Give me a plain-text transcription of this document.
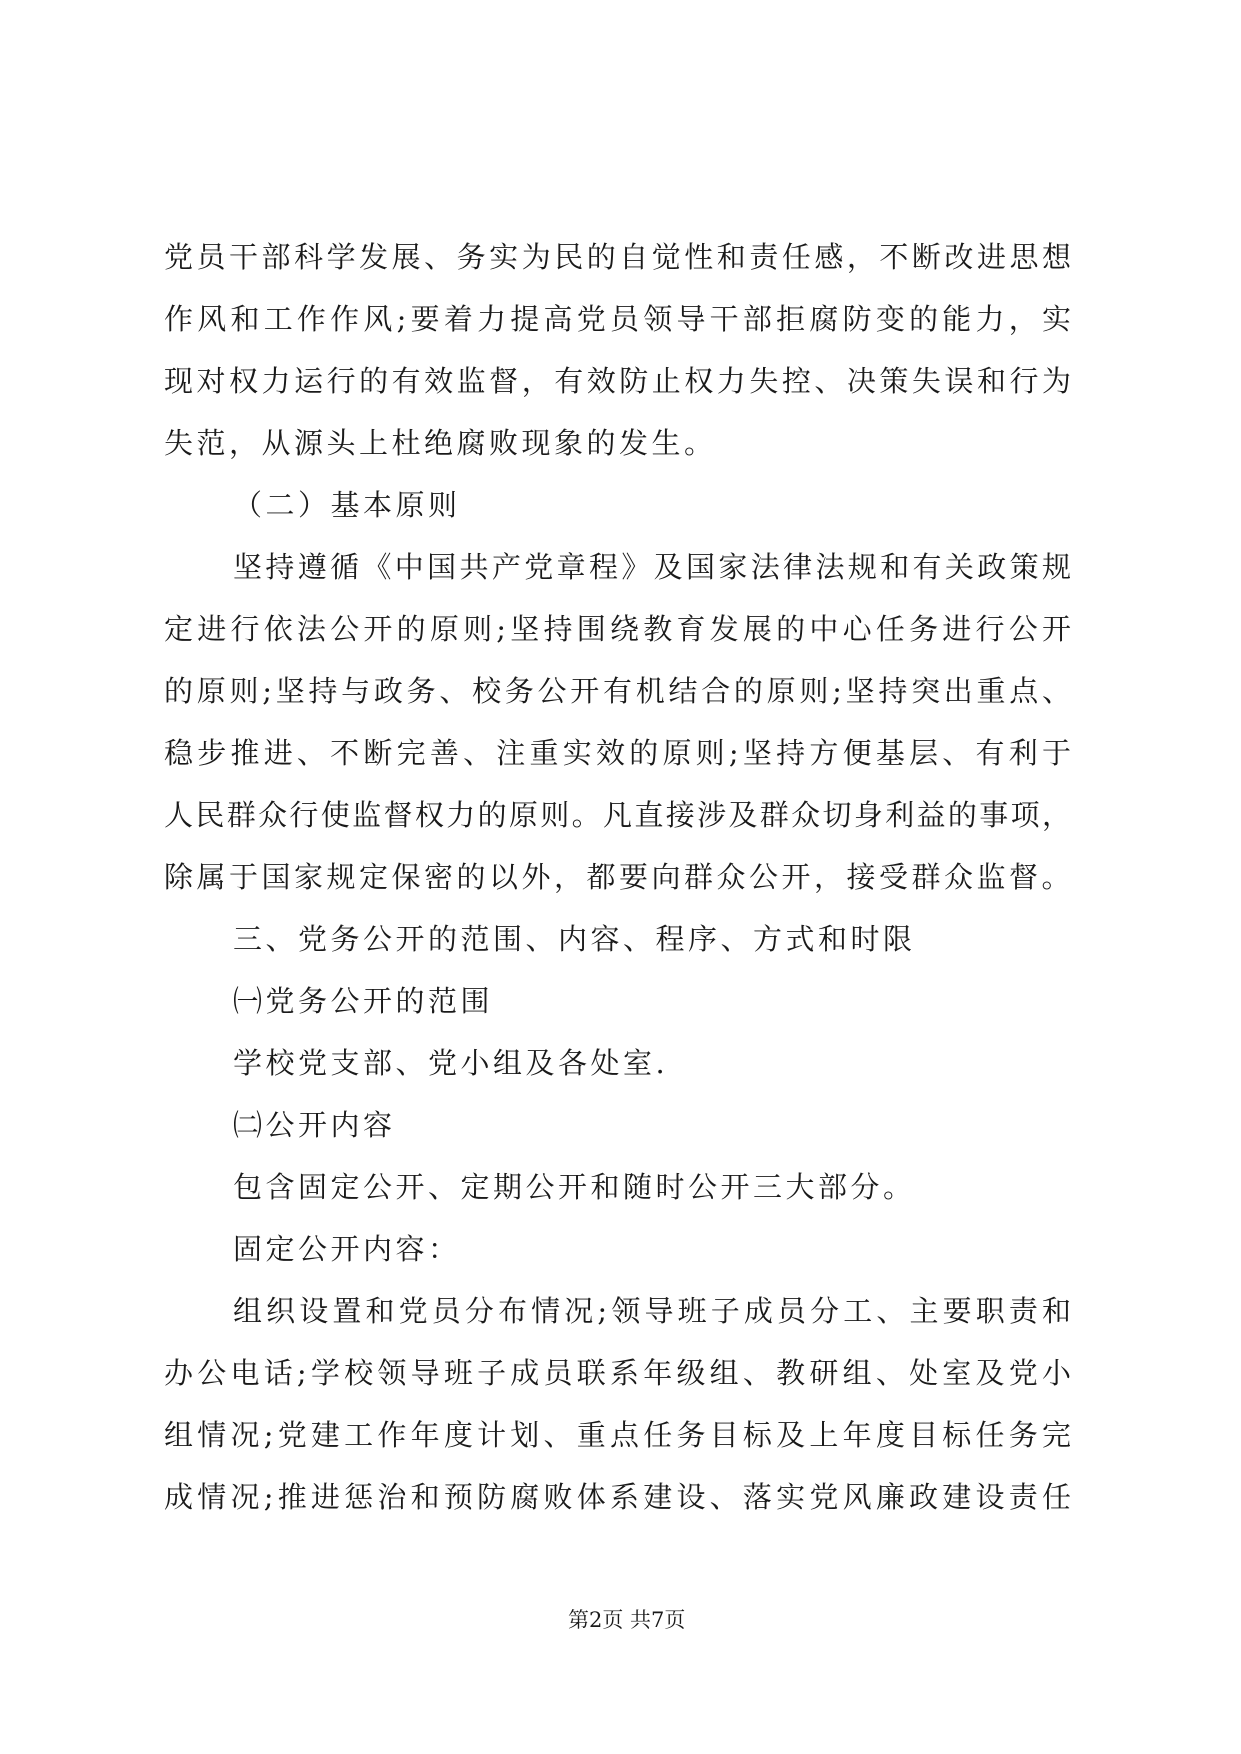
党员干部科学发展、务实为民的自觉性和责任感，不断改进思想
作风和工作作风;要着力提高党员领导干部拒腐防变的能力，实
现对权力运行的有效监督，有效防止权力失控、决策失误和行为
失范，从源头上杜绝腐败现象的发生。
（二）基本原则
坚持遵循《中国共产党章程》及国家法律法规和有关政策规
定进行依法公开的原则;坚持围绕教育发展的中心任务进行公开
的原则;坚持与政务、校务公开有机结合的原则;坚持突出重点、
稳步推进、不断完善、注重实效的原则;坚持方便基层、有利于
人民群众行使监督权力的原则。凡直接涉及群众切身利益的事项，
除属于国家规定保密的以外，都要向群众公开，接受群众监督。
三、党务公开的范围、内容、程序、方式和时限
㈠党务公开的范围
学校党支部、党小组及各处室.
㈡公开内容
包含固定公开、定期公开和随时公开三大部分。
固定公开内容：
组织设置和党员分布情况;领导班子成员分工、主要职责和
办公电话;学校领导班子成员联系年级组、教研组、处室及党小
组情况;党建工作年度计划、重点任务目标及上年度目标任务完
成情况;推进惩治和预防腐败体系建设、落实党风廉政建设责任
第2页 共7页
